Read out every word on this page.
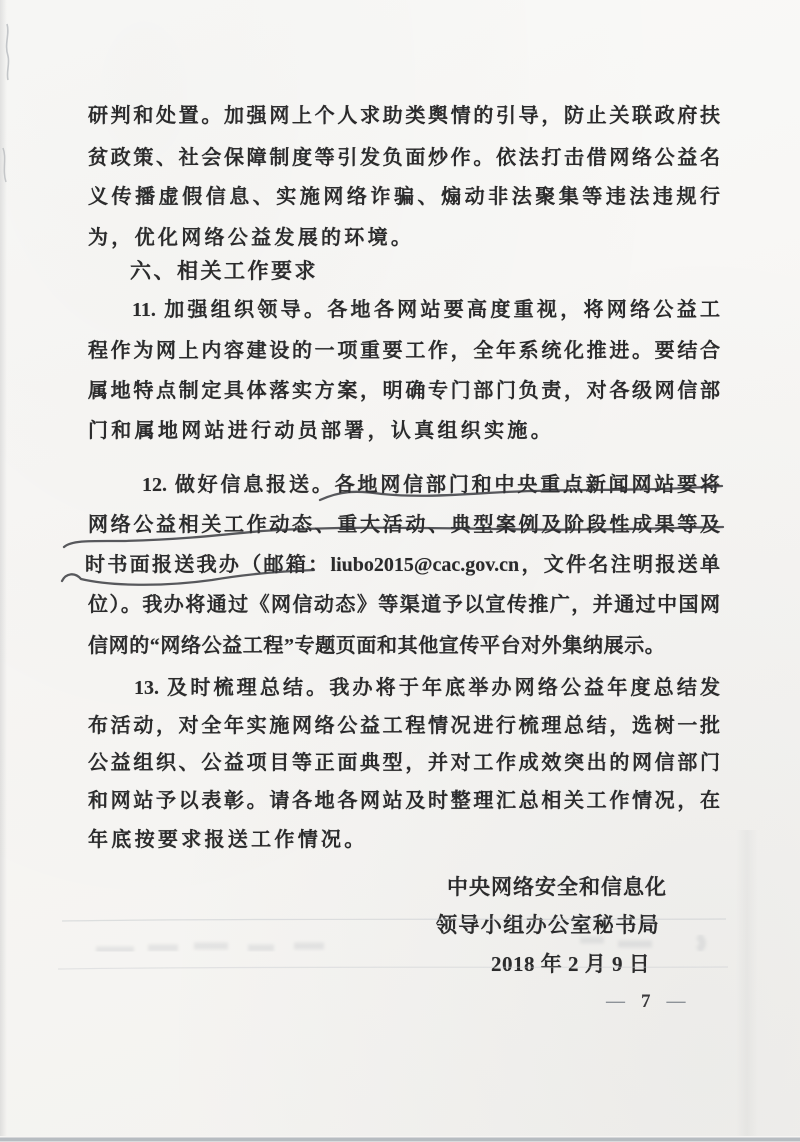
研判和处置。加强网上个人求助类舆情的引导，防止关联政府扶
贫政策、社会保障制度等引发负面炒作。依法打击借网络公益名
义传播虚假信息、实施网络诈骗、煽动非法聚集等违法违规行
为，优化网络公益发展的环境。
六、相关工作要求
11. 加强组织领导。各地各网站要高度重视，将网络公益工
程作为网上内容建设的一项重要工作，全年系统化推进。要结合
属地特点制定具体落实方案，明确专门部门负责，对各级网信部
门和属地网站进行动员部署，认真组织实施。
12. 做好信息报送。各地网信部门和中央重点新闻网站要将
网络公益相关工作动态、重大活动、典型案例及阶段性成果等及
时书面报送我办（邮箱：liubo2015@cac.gov.cn，文件名注明报送单
位）。我办将通过《网信动态》等渠道予以宣传推广，并通过中国网
信网的“网络公益工程”专题页面和其他宣传平台对外集纳展示。
13. 及时梳理总结。我办将于年底举办网络公益年度总结发
布活动，对全年实施网络公益工程情况进行梳理总结，选树一批
公益组织、公益项目等正面典型，并对工作成效突出的网信部门
和网站予以表彰。请各地各网站及时整理汇总相关工作情况，在
年底按要求报送工作情况。
中央网络安全和信息化
领导小组办公室秘书局
2018 年 2 月 9 日
— 7 —
